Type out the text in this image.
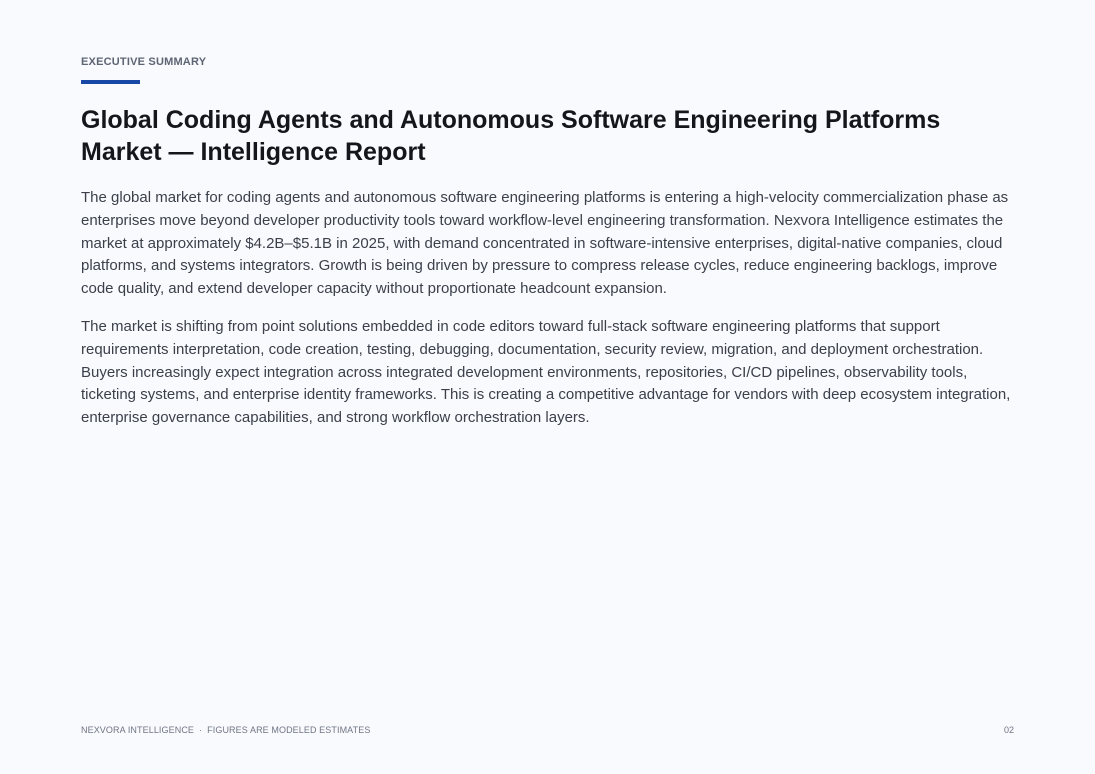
EXECUTIVE SUMMARY
Global Coding Agents and Autonomous Software Engineering Platforms Market — Intelligence Report

The global market for coding agents and autonomous software engineering platforms is entering a high-velocity commercialization phase as enterprises move beyond developer productivity tools toward workflow-level engineering transformation. Nexvora Intelligence estimates the market at approximately $4.2B–$5.1B in 2025, with demand concentrated in software-intensive enterprises, digital-native companies, cloud platforms, and systems integrators. Growth is being driven by pressure to compress release cycles, reduce engineering backlogs, improve code quality, and extend developer capacity without proportionate headcount expansion.

The market is shifting from point solutions embedded in code editors toward full-stack software engineering platforms that support requirements interpretation, code creation, testing, debugging, documentation, security review, migration, and deployment orchestration. Buyers increasingly expect integration across integrated development environments, repositories, CI/CD pipelines, observability tools, ticketing systems, and enterprise identity frameworks. This is creating a competitive advantage for vendors with deep ecosystem integration, enterprise governance capabilities, and strong workflow orchestration layers.

NEXVORA INTELLIGENCE · FIGURES ARE MODELED ESTIMATES	02
